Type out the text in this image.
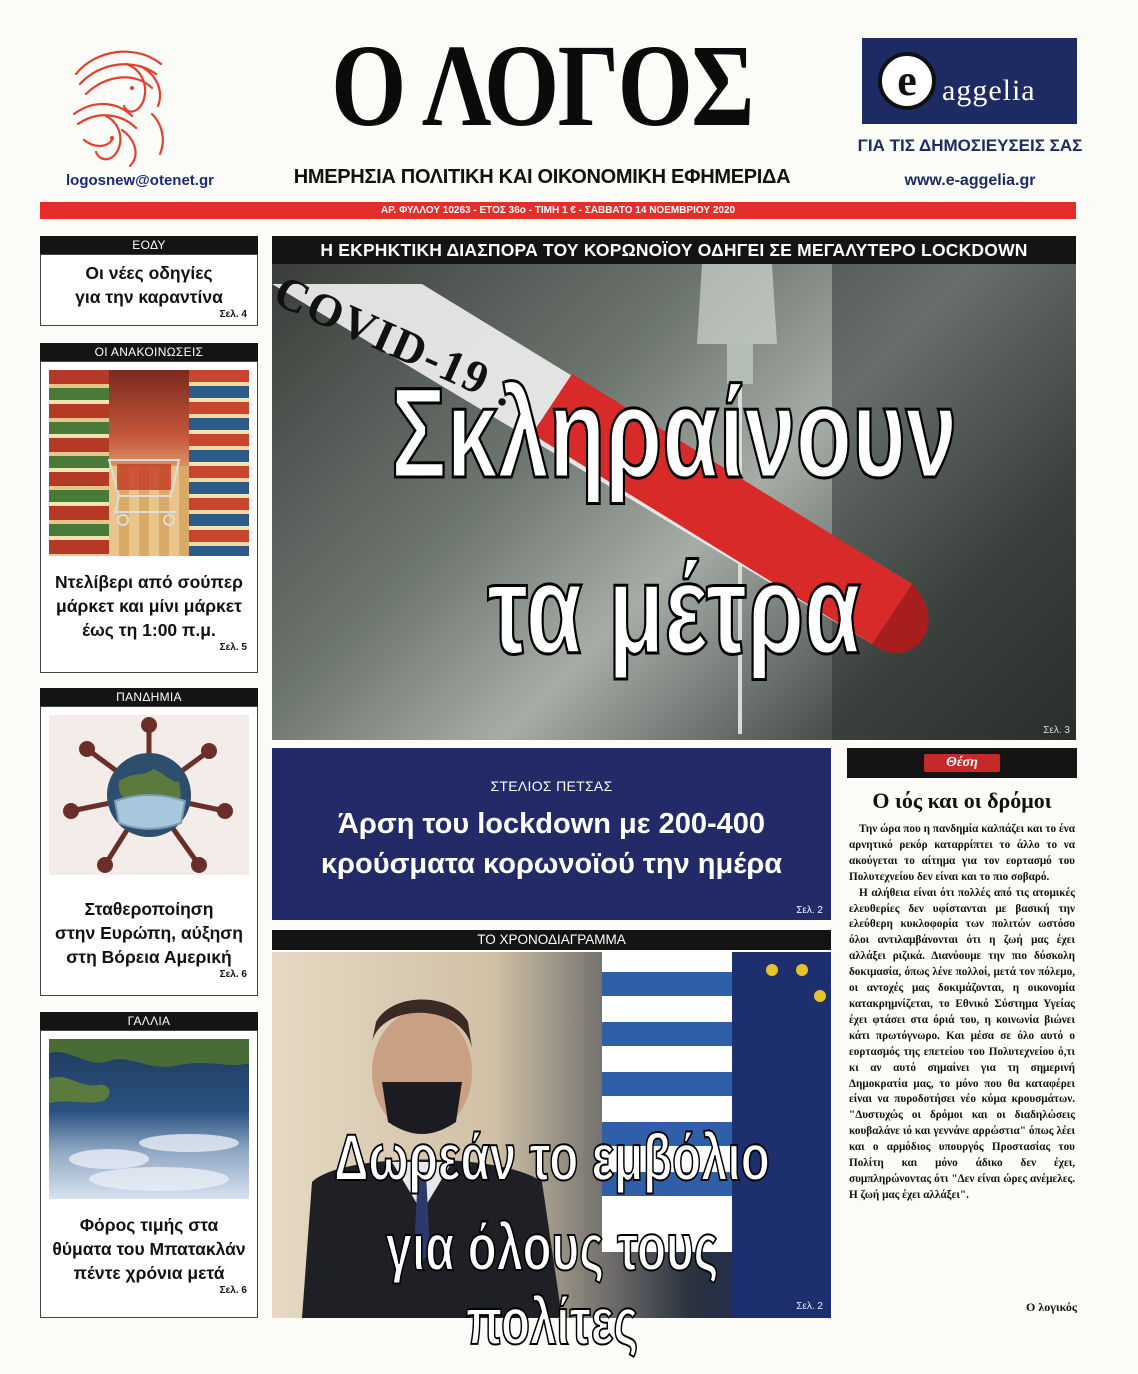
logosnew@otenet.gr
Ο ΛΟΓΟΣ
ΗΜΕΡΗΣΙΑ ΠΟΛΙΤΙΚΗ ΚΑΙ ΟΙΚΟΝΟΜΙΚΗ ΕΦΗΜΕΡΙΔΑ
e aggelia
ΓΙΑ ΤΙΣ ΔΗΜΟΣΙΕΥΣΕΙΣ ΣΑΣ
www.e-aggelia.gr
ΑΡ. ΦΥΛΛΟΥ 10263 - ΕΤΟΣ 36ο - ΤΙΜΗ 1 € - ΣΑΒΒΑΤΟ 14 ΝΟΕΜΒΡΙΟΥ 2020
ΕΟΔΥ
Οι νέες οδηγίες
για την καραντίνα
Σελ. 4
ΟΙ ΑΝΑΚΟΙΝΩΣΕΙΣ
Ντελίβερι από σούπερ
μάρκετ και μίνι μάρκετ
έως τη 1:00 π.μ.
Σελ. 5
ΠΑΝΔΗΜΙΑ
Σταθεροποίηση
στην Ευρώπη, αύξηση
στη Βόρεια Αμερική
Σελ. 6
ΓΑΛΛΙΑ
Φόρος τιμής στα
θύματα του Μπατακλάν
πέντε χρόνια μετά
Σελ. 6
Η ΕΚΡΗΚΤΙΚΗ ΔΙΑΣΠΟΡΑ ΤΟΥ ΚΟΡΩΝΟΪΟΥ ΟΔΗΓΕΙ ΣΕ ΜΕΓΑΛΥΤΕΡΟ LOCKDOWN
COVID-19 :
Σκληραίνουν
τα μέτρα
Σελ. 3
ΣΤΕΛΙΟΣ ΠΕΤΣΑΣ
Άρση του lockdown με 200-400
κρούσματα κορωνοϊού την ημέρα
Σελ. 2
ΤΟ ΧΡΟΝΟΔΙΑΓΡΑΜΜΑ
Δωρεάν το εμβόλιο
για όλους τους πολίτες	Σελ. 2
Θέση
Ο ιός και οι δρόμοι

Την ώρα που η πανδημία καλπάζει και το ένα αρνητικό ρεκόρ καταρρίπτει το άλλο το να ακούγεται το αίτημα για τον εορτασμό του Πολυτεχνείου δεν είναι και το πιο σοβαρό.

Η αλήθεια είναι ότι πολλές από τις ατομικές ελευθερίες δεν υφίστανται με βασική την ελεύθερη κυκλοφορία των πολιτών ωστόσο όλοι αντιλαμβάνονται ότι η ζωή μας έχει αλλάξει ριζικά. Διανύουμε την πιο δύσκολη δοκιμασία, όπως λένε πολλοί, μετά τον πόλεμο, οι αντοχές μας δοκιμάζονται, η οικονομία κατακρημνίζεται, το Εθνικό Σύστημα Υγείας έχει φτάσει στα όριά του, η κοινωνία βιώνει κάτι πρωτόγνωρο. Και μέσα σε όλο αυτό ο εορτασμός της επετείου του Πολυτεχνείου ό,τι κι αν αυτό σημαίνει για τη σημερινή Δημοκρατία μας, το μόνο που θα καταφέρει είναι να πυροδοτήσει νέο κύμα κρουσμάτων. "Δυστυχώς οι δρόμοι και οι διαδηλώσεις κουβαλάνε ιό και γεννάνε αρρώστια" όπως λέει και ο αρμόδιος υπουργός Προστασίας του Πολίτη και μόνο άδικο δεν έχει, συμπληρώνοντας ότι "Δεν είναι ώρες ανέμελες. Η ζωή μας έχει αλλάξει".

Ο λογικός
